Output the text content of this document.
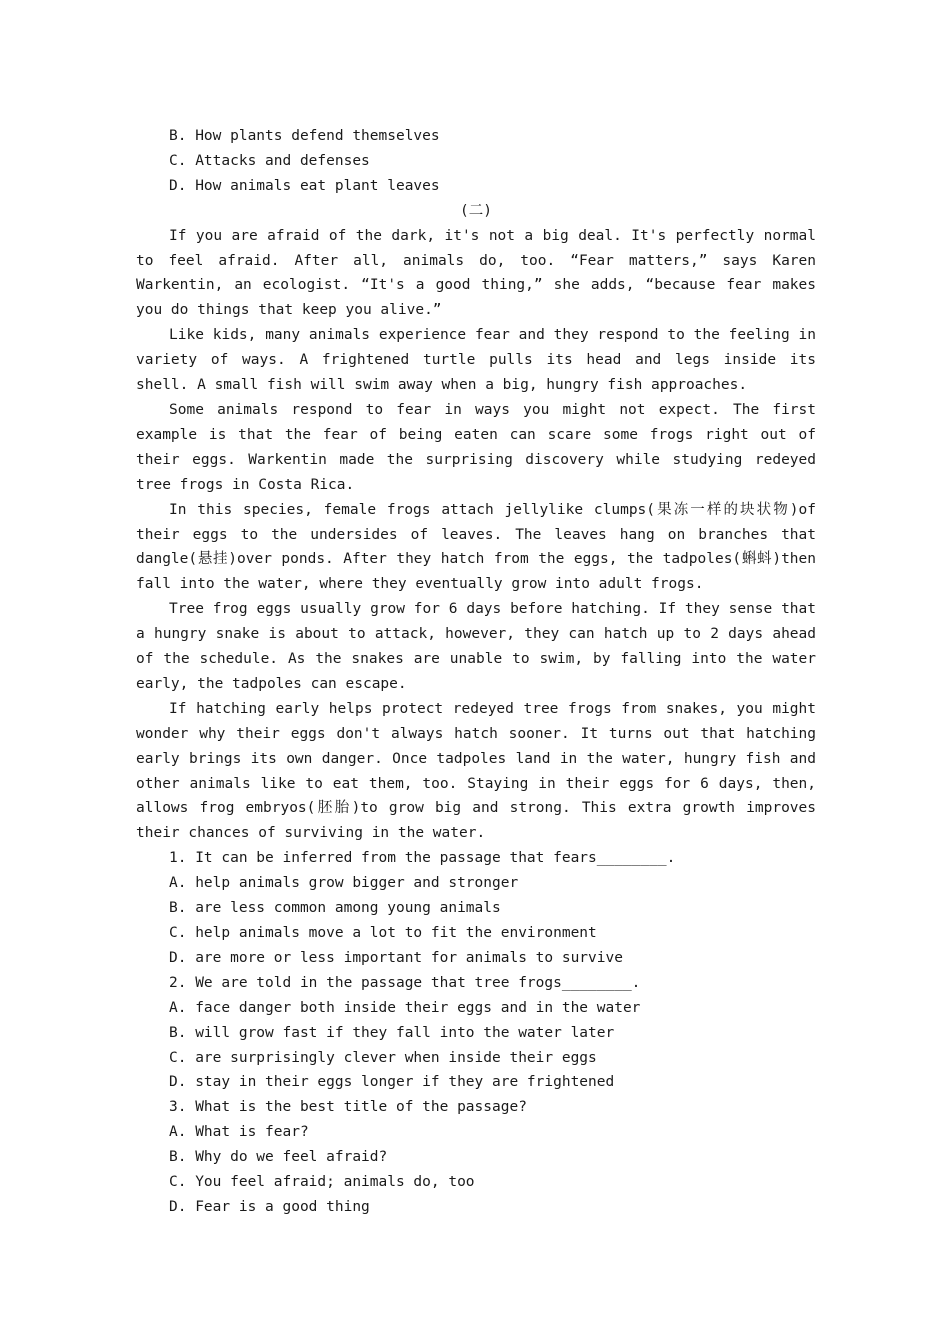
B. How plants defend themselves
C. Attacks and defenses
D. How animals eat plant leaves
(二)
If you are afraid of the dark, it's not a big deal. It's perfectly normal to feel afraid. After all, animals do, too. “Fear matters,” says Karen Warkentin, an ecologist. “It's a good thing,” she adds, “because fear makes you do things that keep you alive.”
Like kids, many animals experience fear and they respond to the feeling in variety of ways. A frightened turtle pulls its head and legs inside its shell. A small fish will swim away when a big, hungry fish approaches.
Some animals respond to fear in ways you might not expect. The first example is that the fear of being eaten can scare some frogs right out of their eggs. Warkentin made the surprising discovery while studying redeyed tree frogs in Costa Rica.
In this species, female frogs attach jellylike clumps(果冻一样的块状物)of their eggs to the undersides of leaves. The leaves hang on branches that dangle(悬挂)over ponds. After they hatch from the eggs, the tadpoles(蝌蚪)then fall into the water, where they eventually grow into adult frogs.
Tree frog eggs usually grow for 6 days before hatching. If they sense that a hungry snake is about to attack, however, they can hatch up to 2 days ahead of the schedule. As the snakes are unable to swim, by falling into the water early, the tadpoles can escape.
If hatching early helps protect redeyed tree frogs from snakes, you might wonder why their eggs don't always hatch sooner. It turns out that hatching early brings its own danger. Once tadpoles land in the water, hungry fish and other animals like to eat them, too. Staying in their eggs for 6 days, then, allows frog embryos(胚胎)to grow big and strong. This extra growth improves their chances of surviving in the water.
1. It can be inferred from the passage that fears________.
A. help animals grow bigger and stronger
B. are less common among young animals
C. help animals move a lot to fit the environment
D. are more or less important for animals to survive
2. We are told in the passage that tree frogs________.
A. face danger both inside their eggs and in the water
B. will grow fast if they fall into the water later
C. are surprisingly clever when inside their eggs
D. stay in their eggs longer if they are frightened
3. What is the best title of the passage?
A. What is fear?
B. Why do we feel afraid?
C. You feel afraid; animals do, too
D. Fear is a good thing
